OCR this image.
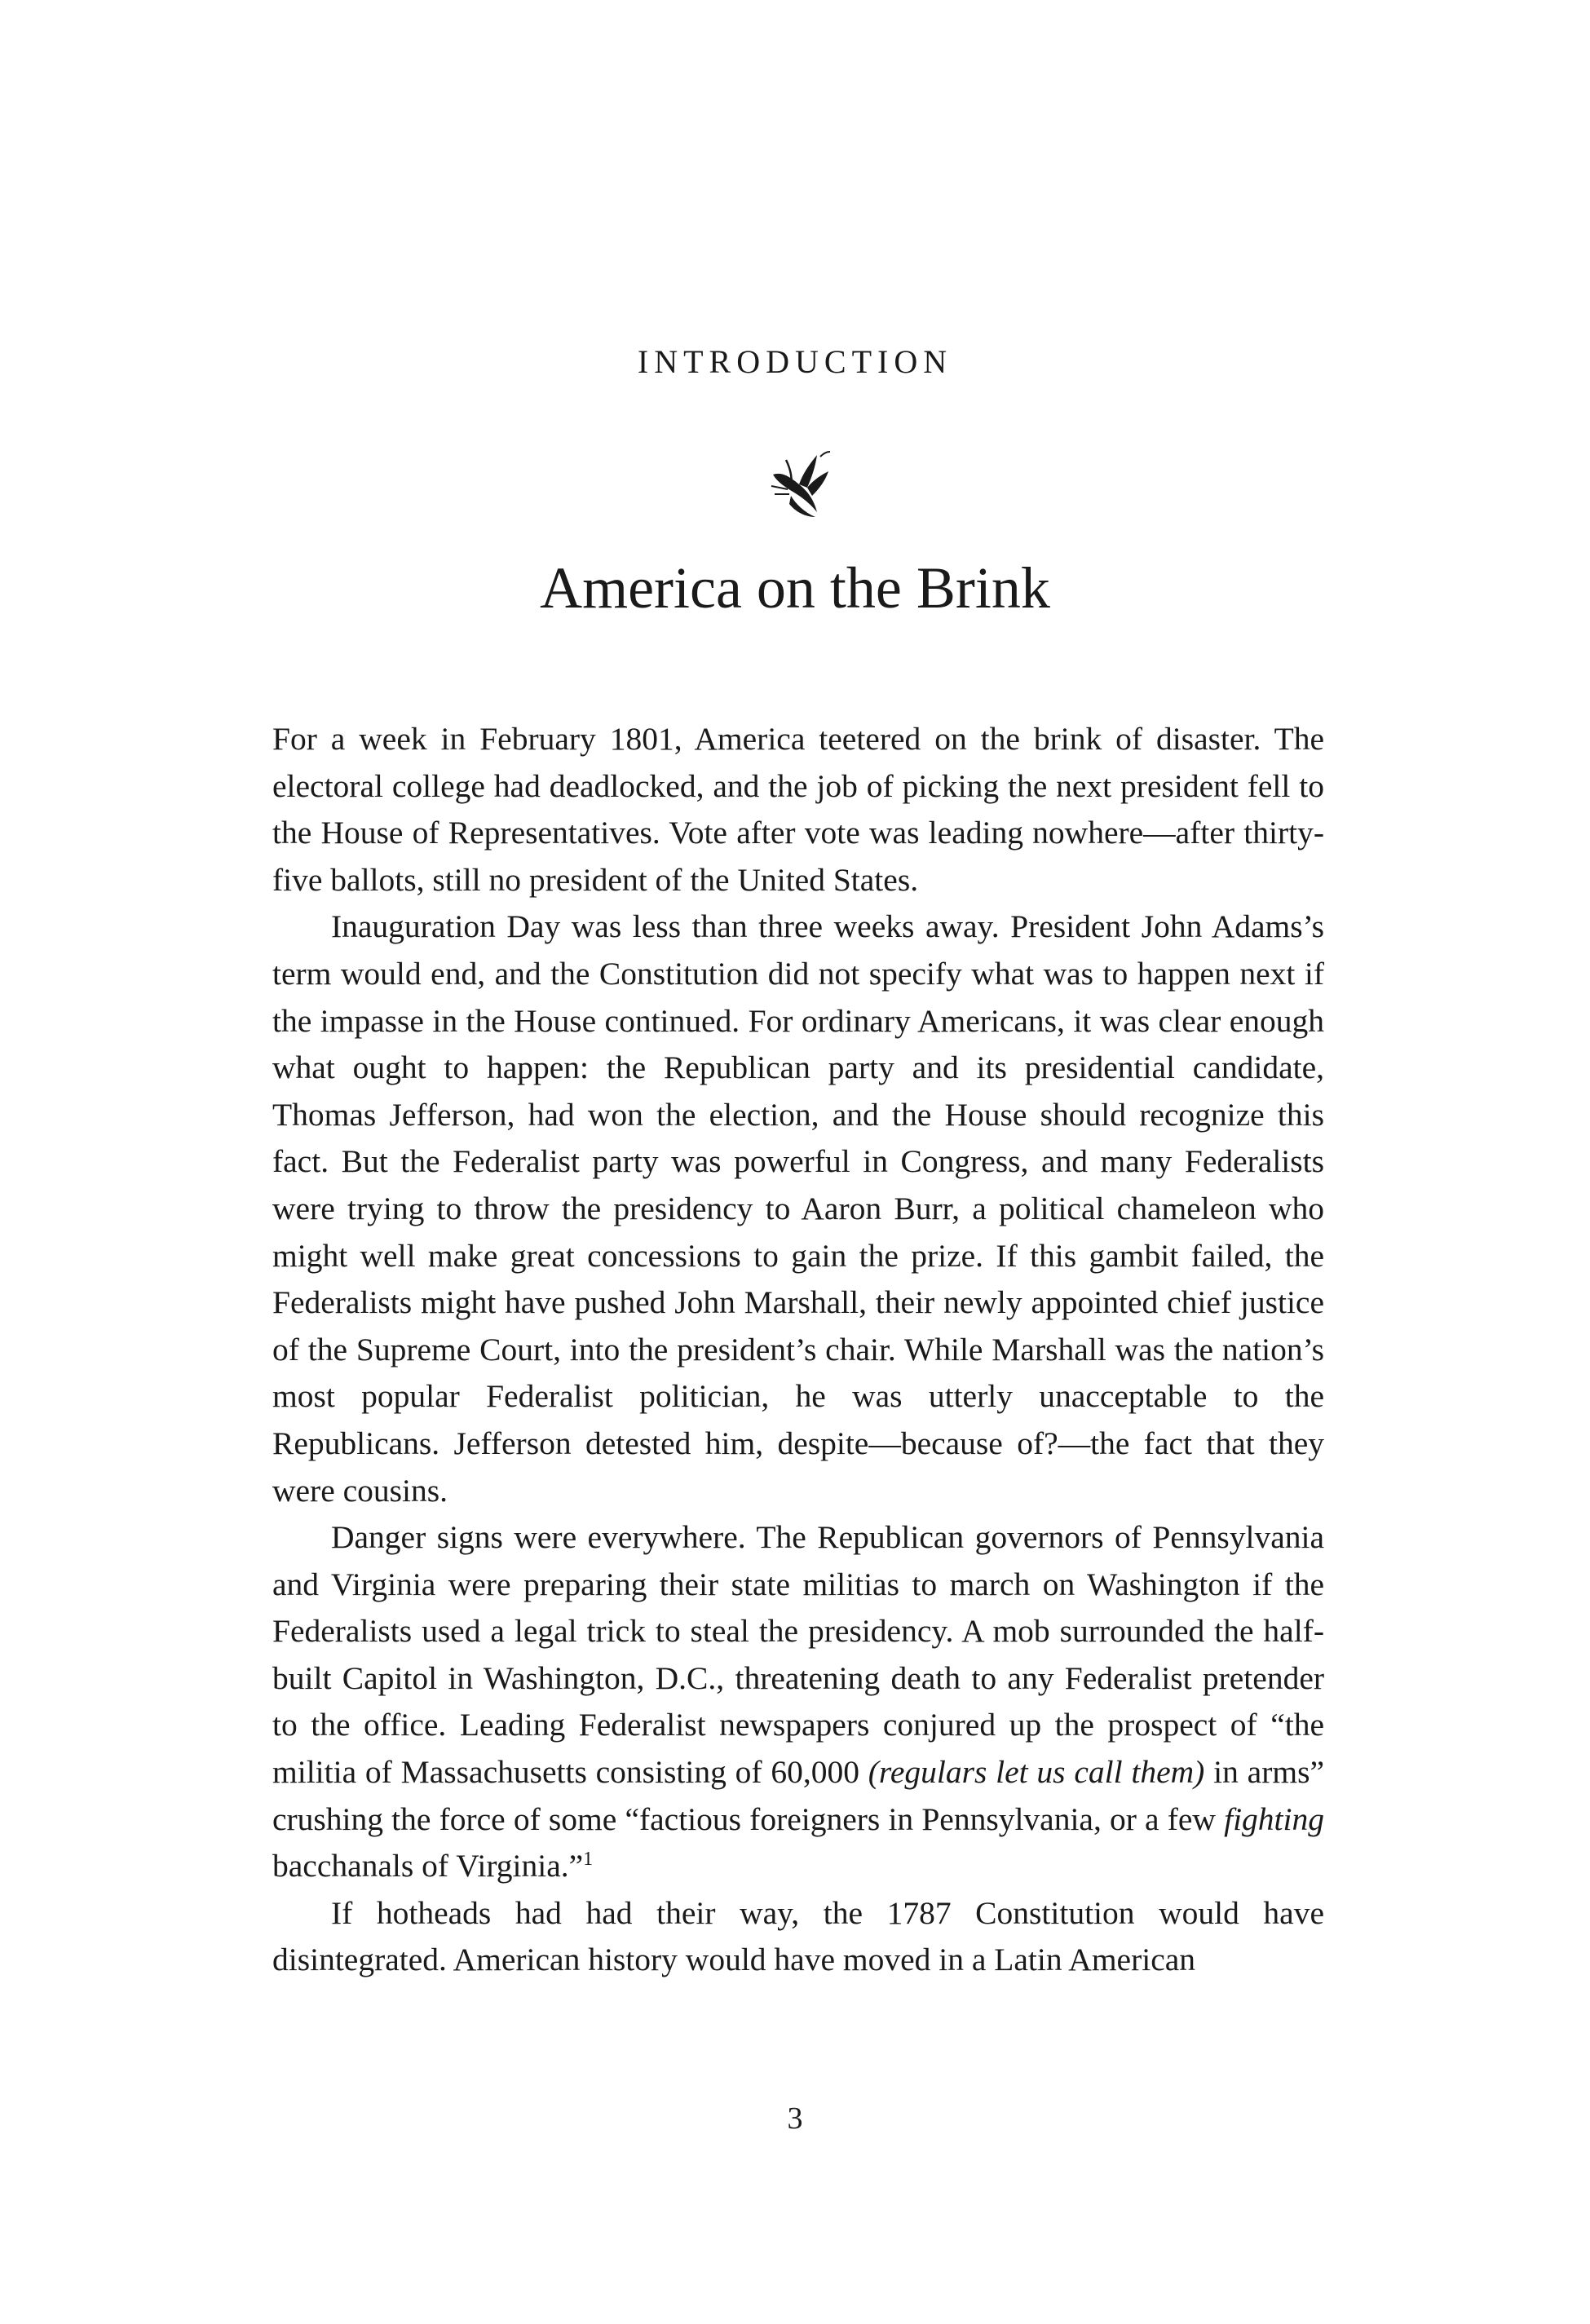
INTRODUCTION
America on the Brink

For a week in February 1801, America teetered on the brink of disaster. The electoral college had deadlocked, and the job of picking the next president fell to the House of Representatives. Vote after vote was leading nowhere—after thirty-five ballots, still no president of the United States.

Inauguration Day was less than three weeks away. President John Adams’s term would end, and the Constitution did not specify what was to happen next if the impasse in the House continued. For ordinary Americans, it was clear enough what ought to happen: the Republican party and its presidential candidate, Thomas Jefferson, had won the election, and the House should recognize this fact. But the Federalist party was powerful in Congress, and many Federalists were trying to throw the presidency to Aaron Burr, a political chameleon who might well make great concessions to gain the prize. If this gambit failed, the Federalists might have pushed John Marshall, their newly appointed chief justice of the Supreme Court, into the president’s chair. While Marshall was the nation’s most popular Federalist politician, he was utterly unacceptable to the Republicans. Jefferson detested him, despite—because of?—the fact that they were cousins.

Danger signs were everywhere. The Republican governors of Pennsylvania and Virginia were preparing their state militias to march on Washington if the Federalists used a legal trick to steal the presidency. A mob surrounded the half-built Capitol in Washington, D.C., threatening death to any Federalist pretender to the office. Leading Federalist newspapers conjured up the prospect of “the militia of Massachusetts consisting of 60,000 (regulars let us call them) in arms” crushing the force of some “factious foreigners in Pennsylvania, or a few fighting bacchanals of Virginia.”$^1$

If hotheads had had their way, the 1787 Constitution would have disintegrated. American history would have moved in a Latin American

3
